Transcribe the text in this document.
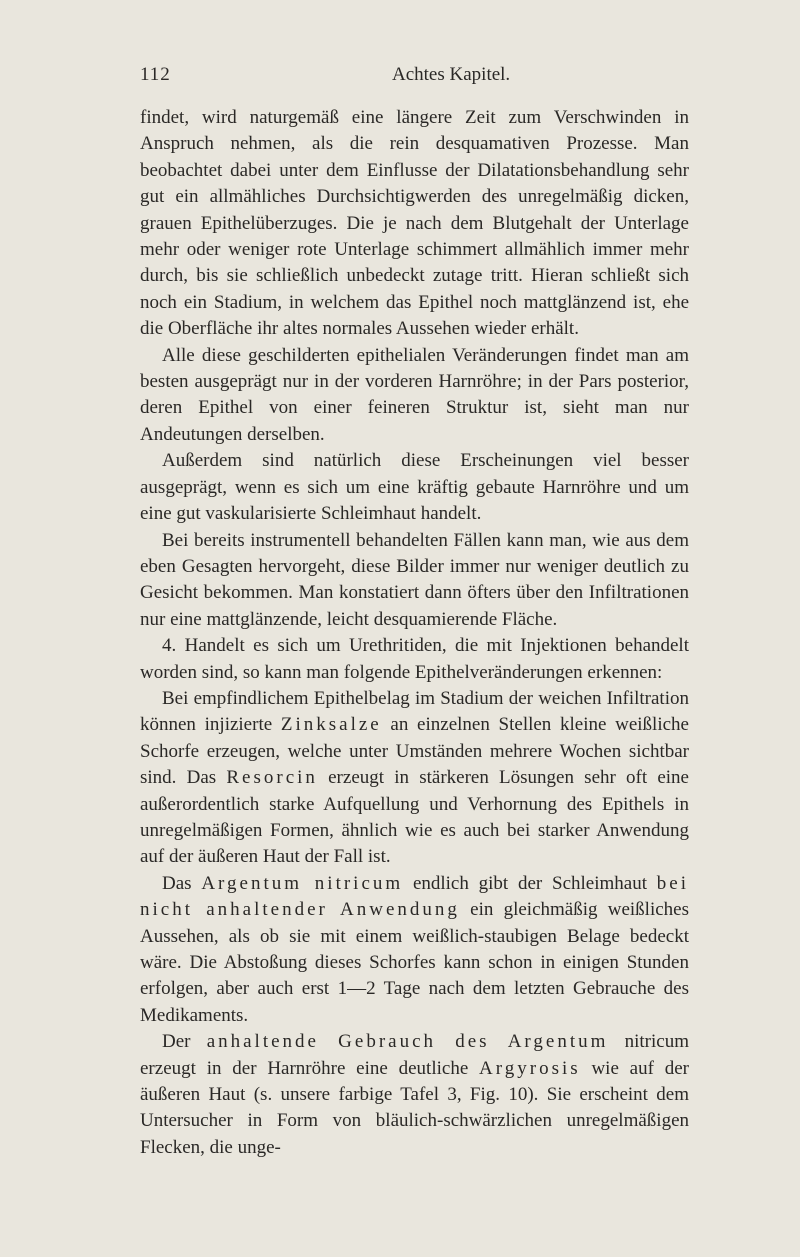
112	Achtes Kapitel.

findet, wird naturgemäß eine längere Zeit zum Verschwinden in Anspruch nehmen, als die rein desquamativen Prozesse. Man beobachtet dabei unter dem Einflusse der Dilatationsbehandlung sehr gut ein allmähliches Durchsichtigwerden des unregelmäßig dicken, grauen Epithelüberzuges. Die je nach dem Blutgehalt der Unterlage mehr oder weniger rote Unterlage schimmert allmählich immer mehr durch, bis sie schließlich unbedeckt zutage tritt. Hieran schließt sich noch ein Stadium, in welchem das Epithel noch mattglänzend ist, ehe die Oberfläche ihr altes normales Aussehen wieder erhält.

Alle diese geschilderten epithelialen Veränderungen findet man am besten ausgeprägt nur in der vorderen Harnröhre; in der Pars posterior, deren Epithel von einer feineren Struktur ist, sieht man nur Andeutungen derselben.

Außerdem sind natürlich diese Erscheinungen viel besser ausgeprägt, wenn es sich um eine kräftig gebaute Harnröhre und um eine gut vaskularisierte Schleimhaut handelt.

Bei bereits instrumentell behandelten Fällen kann man, wie aus dem eben Gesagten hervorgeht, diese Bilder immer nur weniger deutlich zu Gesicht bekommen. Man konstatiert dann öfters über den Infiltrationen nur eine mattglänzende, leicht desquamierende Fläche.

4. Handelt es sich um Urethritiden, die mit Injektionen behandelt worden sind, so kann man folgende Epithelveränderungen erkennen:

Bei empfindlichem Epithelbelag im Stadium der weichen Infiltration können injizierte Zinksalze an einzelnen Stellen kleine weißliche Schorfe erzeugen, welche unter Umständen mehrere Wochen sichtbar sind. Das Resorcin erzeugt in stärkeren Lösungen sehr oft eine außerordentlich starke Aufquellung und Verhornung des Epithels in unregelmäßigen Formen, ähnlich wie es auch bei starker Anwendung auf der äußeren Haut der Fall ist.

Das Argentum nitricum endlich gibt der Schleimhaut bei nicht anhaltender Anwendung ein gleichmäßig weißliches Aussehen, als ob sie mit einem weißlich-staubigen Belage bedeckt wäre. Die Abstoßung dieses Schorfes kann schon in einigen Stunden erfolgen, aber auch erst 1—2 Tage nach dem letzten Gebrauche des Medikaments.

Der anhaltende Gebrauch des Argentum nitricum erzeugt in der Harnröhre eine deutliche Argyrosis wie auf der äußeren Haut (s. unsere farbige Tafel 3, Fig. 10). Sie erscheint dem Untersucher in Form von bläulich-schwärzlichen unregelmäßigen Flecken, die unge-
